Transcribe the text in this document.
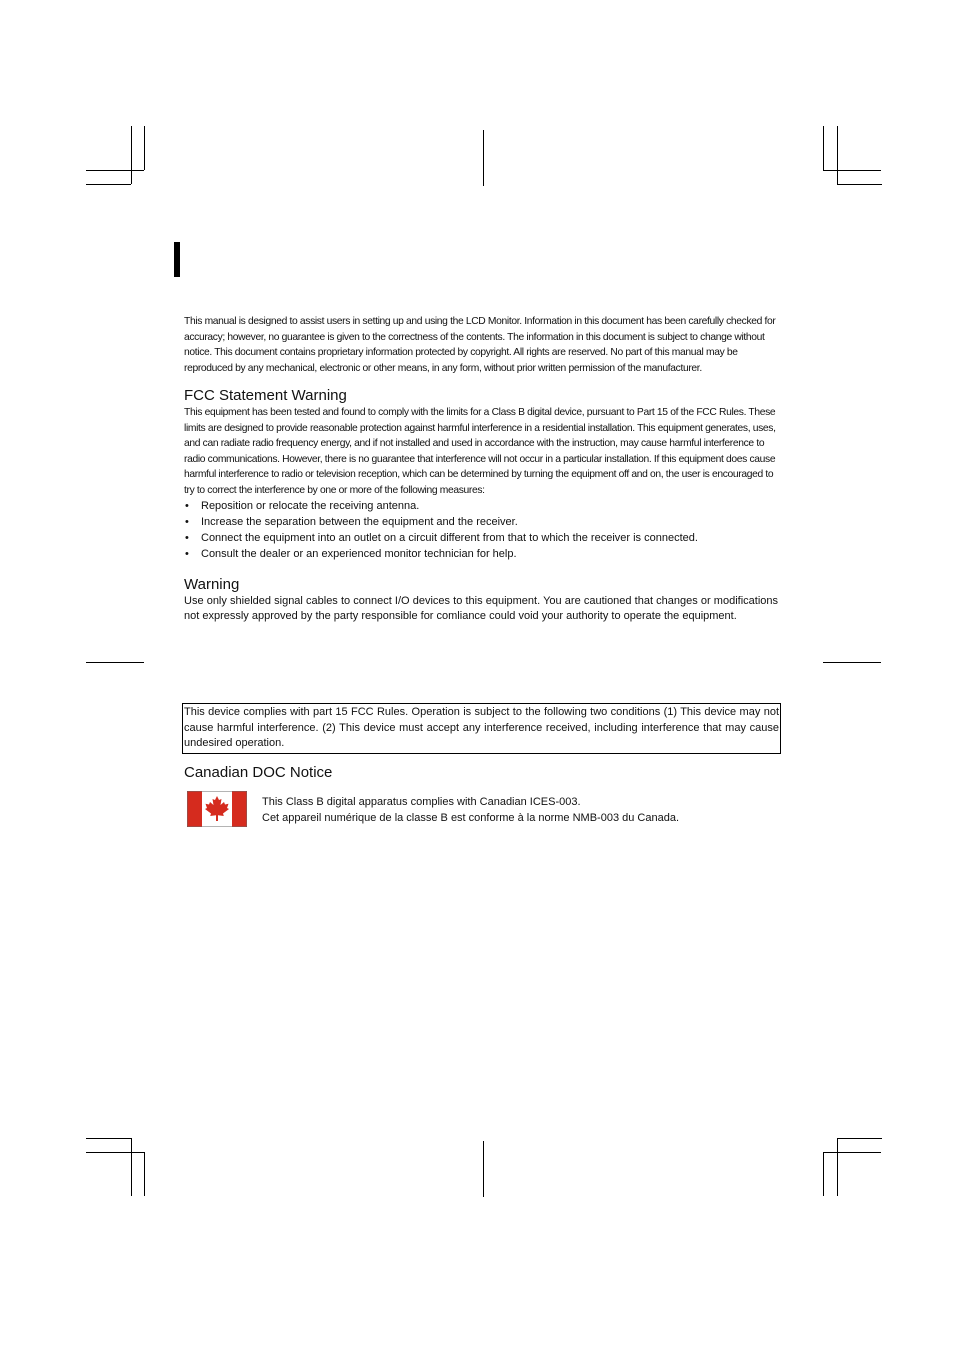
This manual is designed to assist users in setting up and using the LCD Monitor. Information in this document has been carefully checked for accuracy; however, no guarantee is given to the correctness of the contents. The information in this document is subject to change without notice. This document contains proprietary information protected by copyright. All rights are reserved. No part of this manual may be reproduced by any mechanical, electronic or other means, in any form, without prior written permission of the manufacturer.

FCC Statement Warning

This equipment has been tested and found to comply with the limits for a Class B digital device, pursuant to Part 15 of the FCC Rules. These limits are designed to provide reasonable protection against harmful interference in a residential installation. This equipment generates, uses, and can radiate radio frequency energy, and if not installed and used in accordance with the instruction, may cause harmful interference to radio communications. However, there is no guarantee that interference will not occur in a particular installation. If this equipment does cause harmful interference to radio or television reception, which can be determined by turning the equipment off and on, the user is encouraged to try to correct the interference by one or more of the following measures:

• Reposition or relocate the receiving antenna.
• Increase the separation between the equipment and the receiver.
• Connect the equipment into an outlet on a circuit different from that to which the receiver is connected.
• Consult the dealer or an experienced monitor technician for help.
Warning

Use only shielded signal cables to connect I/O devices to this equipment. You are cautioned that changes or modifications not expressly approved by the party responsible for comliance could void your authority to operate the equipment.

This device complies with part 15 FCC Rules. Operation is subject to the following two conditions (1) This device may not cause harmful interference. (2) This device must accept any interference received, including interference that may cause undesired operation.
Canadian DOC Notice
This Class B digital apparatus complies with Canadian ICES-003.
Cet appareil numérique de la classe B est conforme à la norme NMB-003 du Canada.
